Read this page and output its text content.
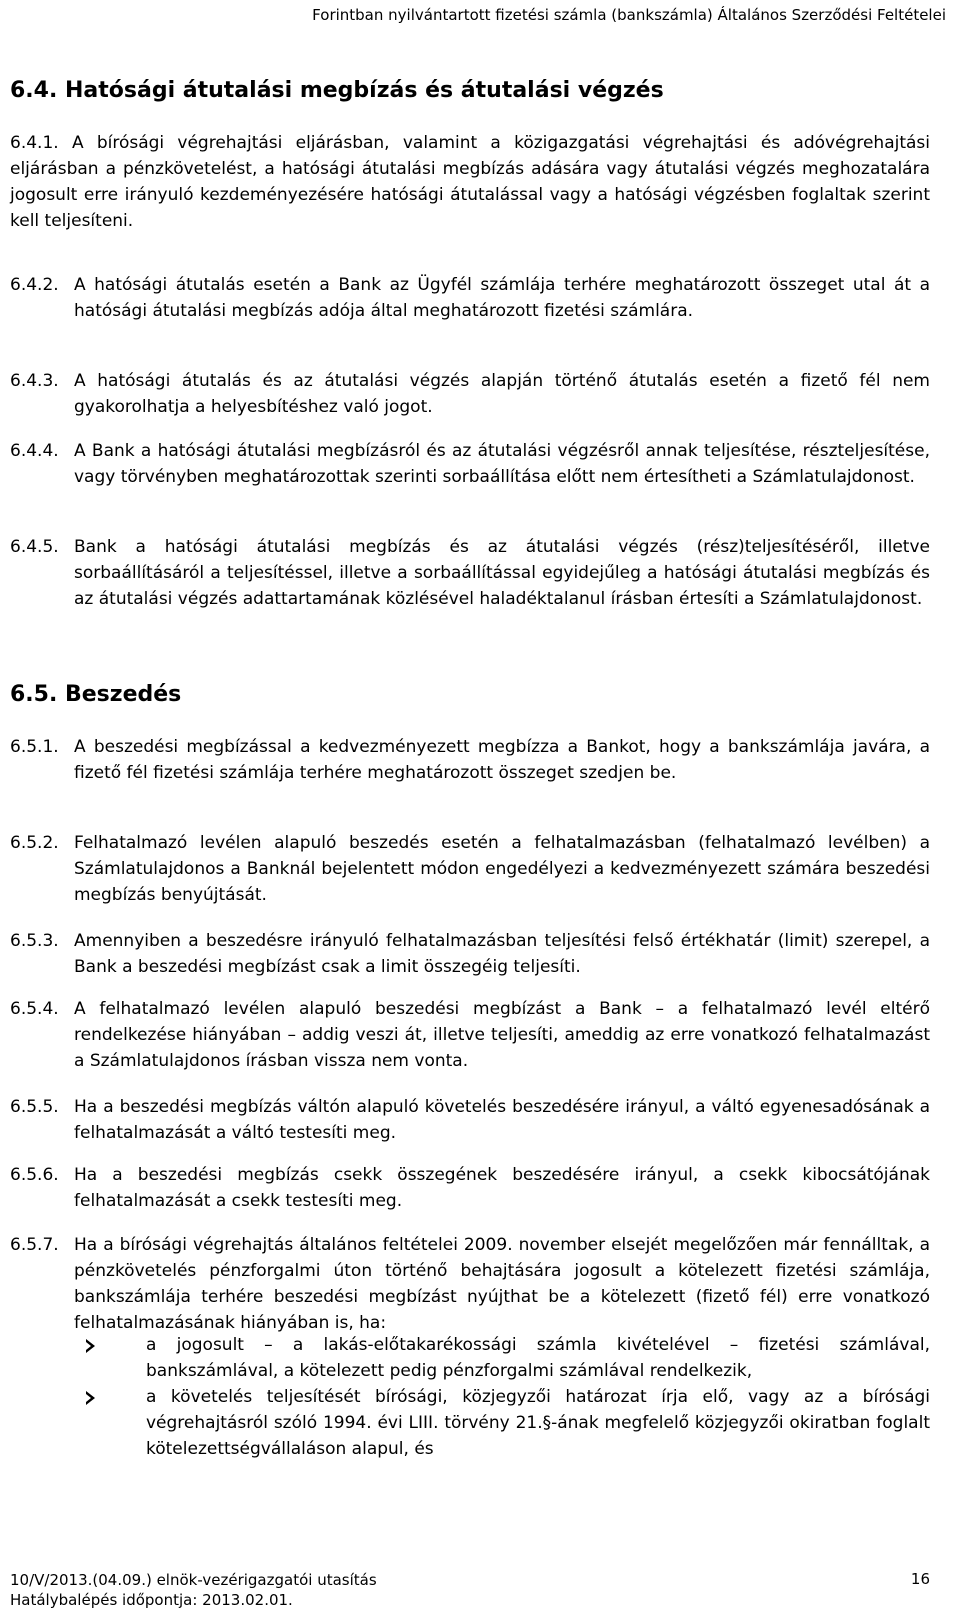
Forintban nyilvántartott fizetési számla (bankszámla) Általános Szerződési Feltételei
6.4. Hatósági átutalási megbízás és átutalási végzés
6.4.1. A bírósági végrehajtási eljárásban, valamint a közigazgatási végrehajtási és adóvégrehajtási eljárásban a pénzkövetelést, a hatósági átutalási megbízás adására vagy átutalási végzés meghozatalára jogosult erre irányuló kezdeményezésére hatósági átutalással vagy a hatósági végzésben foglaltak szerint kell teljesíteni.
6.4.2. A hatósági átutalás esetén a Bank az Ügyfél számlája terhére meghatározott összeget utal át a hatósági átutalási megbízás adója által meghatározott fizetési számlára.
6.4.3. A hatósági átutalás és az átutalási végzés alapján történő átutalás esetén a fizető fél nem gyakorolhatja a helyesbítéshez való jogot.
6.4.4. A Bank a hatósági átutalási megbízásról és az átutalási végzésről annak teljesítése, részteljesítése, vagy törvényben meghatározottak szerinti sorbaállítása előtt nem értesítheti a Számlatulajdonost.
6.4.5. Bank a hatósági átutalási megbízás és az átutalási végzés (rész)teljesítéséről, illetve sorbaállításáról a teljesítéssel, illetve a sorbaállítással egyidejűleg a hatósági átutalási megbízás és az átutalási végzés adattartamának közlésével haladéktalanul írásban értesíti a Számlatulajdonost.
6.5. Beszedés
6.5.1. A beszedési megbízással a kedvezményezett megbízza a Bankot, hogy a bankszámlája javára, a fizető fél fizetési számlája terhére meghatározott összeget szedjen be.
6.5.2. Felhatalmazó levélen alapuló beszedés esetén a felhatalmazásban (felhatalmazó levélben) a Számlatulajdonos a Banknál bejelentett módon engedélyezi a kedvezményezett számára beszedési megbízás benyújtását.
6.5.3. Amennyiben a beszedésre irányuló felhatalmazásban teljesítési felső értékhatár (limit) szerepel, a Bank a beszedési megbízást csak a limit összegéig teljesíti.
6.5.4. A felhatalmazó levélen alapuló beszedési megbízást a Bank – a felhatalmazó levél eltérő rendelkezése hiányában – addig veszi át, illetve teljesíti, ameddig az erre vonatkozó felhatalmazást a Számlatulajdonos írásban vissza nem vonta.
6.5.5. Ha a beszedési megbízás váltón alapuló követelés beszedésére irányul, a váltó egyenesadósának a felhatalmazását a váltó testesíti meg.
6.5.6. Ha a beszedési megbízás csekk összegének beszedésére irányul, a csekk kibocsátójának felhatalmazását a csekk testesíti meg.
6.5.7. Ha a bírósági végrehajtás általános feltételei 2009. november elsejét megelőzően már fennálltak, a pénzkövetelés pénzforgalmi úton történő behajtására jogosult a kötelezett fizetési számlája, bankszámlája terhére beszedési megbízást nyújthat be a kötelezett (fizető fél) erre vonatkozó felhatalmazásának hiányában is, ha:
a jogosult – a lakás-előtakarékossági számla kivételével – fizetési számlával, bankszámlával, a kötelezett pedig pénzforgalmi számlával rendelkezik,
a követelés teljesítését bírósági, közjegyzői határozat írja elő, vagy az a bírósági végrehajtásról szóló 1994. évi LIII. törvény 21.§-ának megfelelő közjegyzői okiratban foglalt kötelezettségvállaláson alapul, és
10/V/2013.(04.09.) elnök-vezérigazgatói utasítás
Hatálybalépés időpontja: 2013.02.01.
16
